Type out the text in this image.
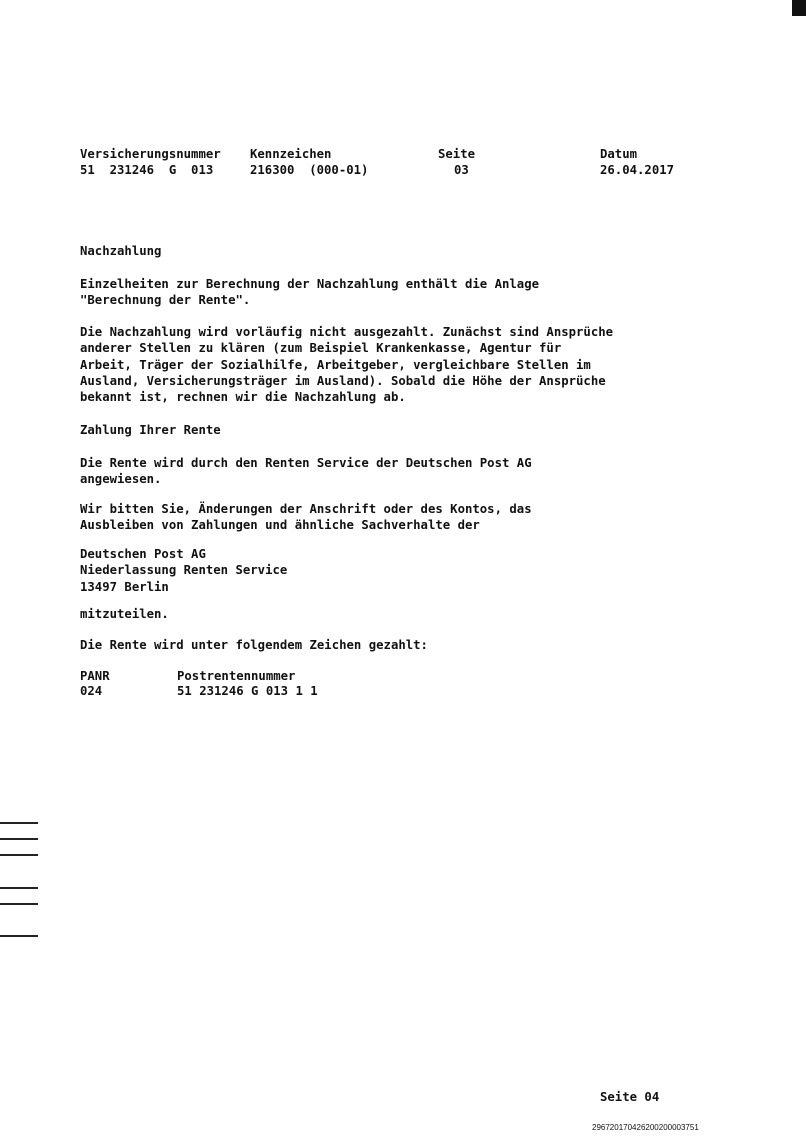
Versicherungsnummer
51  231246  G  013
Kennzeichen
216300  (000-01)
Seite
03
Datum
26.04.2017
Nachzahlung

Einzelheiten zur Berechnung der Nachzahlung enthält die Anlage

"Berechnung der Rente".

Die Nachzahlung wird vorläufig nicht ausgezahlt. Zunächst sind Ansprüche

anderer Stellen zu klären (zum Beispiel Krankenkasse, Agentur für

Arbeit, Träger der Sozialhilfe, Arbeitgeber, vergleichbare Stellen im

Ausland, Versicherungsträger im Ausland). Sobald die Höhe der Ansprüche

bekannt ist, rechnen wir die Nachzahlung ab.

Zahlung Ihrer Rente

Die Rente wird durch den Renten Service der Deutschen Post AG

angewiesen.

Wir bitten Sie, Änderungen der Anschrift oder des Kontos, das

Ausbleiben von Zahlungen und ähnliche Sachverhalte der

Deutschen Post AG

Niederlassung Renten Service

13497 Berlin

mitzuteilen.
Die Rente wird unter folgendem Zeichen gezahlt:
PANR	Postrentennummer
024	51 231246 G 013 1 1
Seite 04
29672017042620020000375​1
